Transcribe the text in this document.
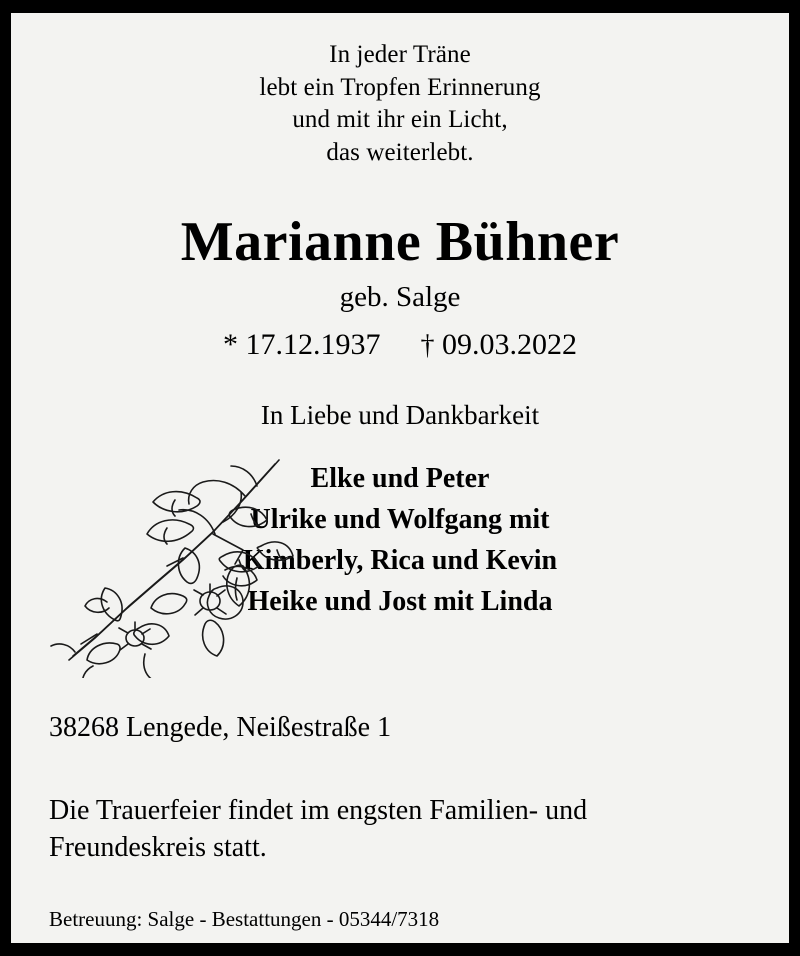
In jeder Träne
lebt ein Tropfen Erinnerung
und mit ihr ein Licht,
das weiterlebt.
Marianne Bühner
geb. Salge
* 17.12.1937 † 09.03.2022
In Liebe und Dankbarkeit
Elke und Peter
Ulrike und Wolfgang mit
Kimberly, Rica und Kevin
Heike und Jost mit Linda
38268 Lengede, Neißestraße 1
Die Trauerfeier findet im engsten Familien- und
Freundeskreis statt.
Betreuung: Salge - Bestattungen - 05344/7318
